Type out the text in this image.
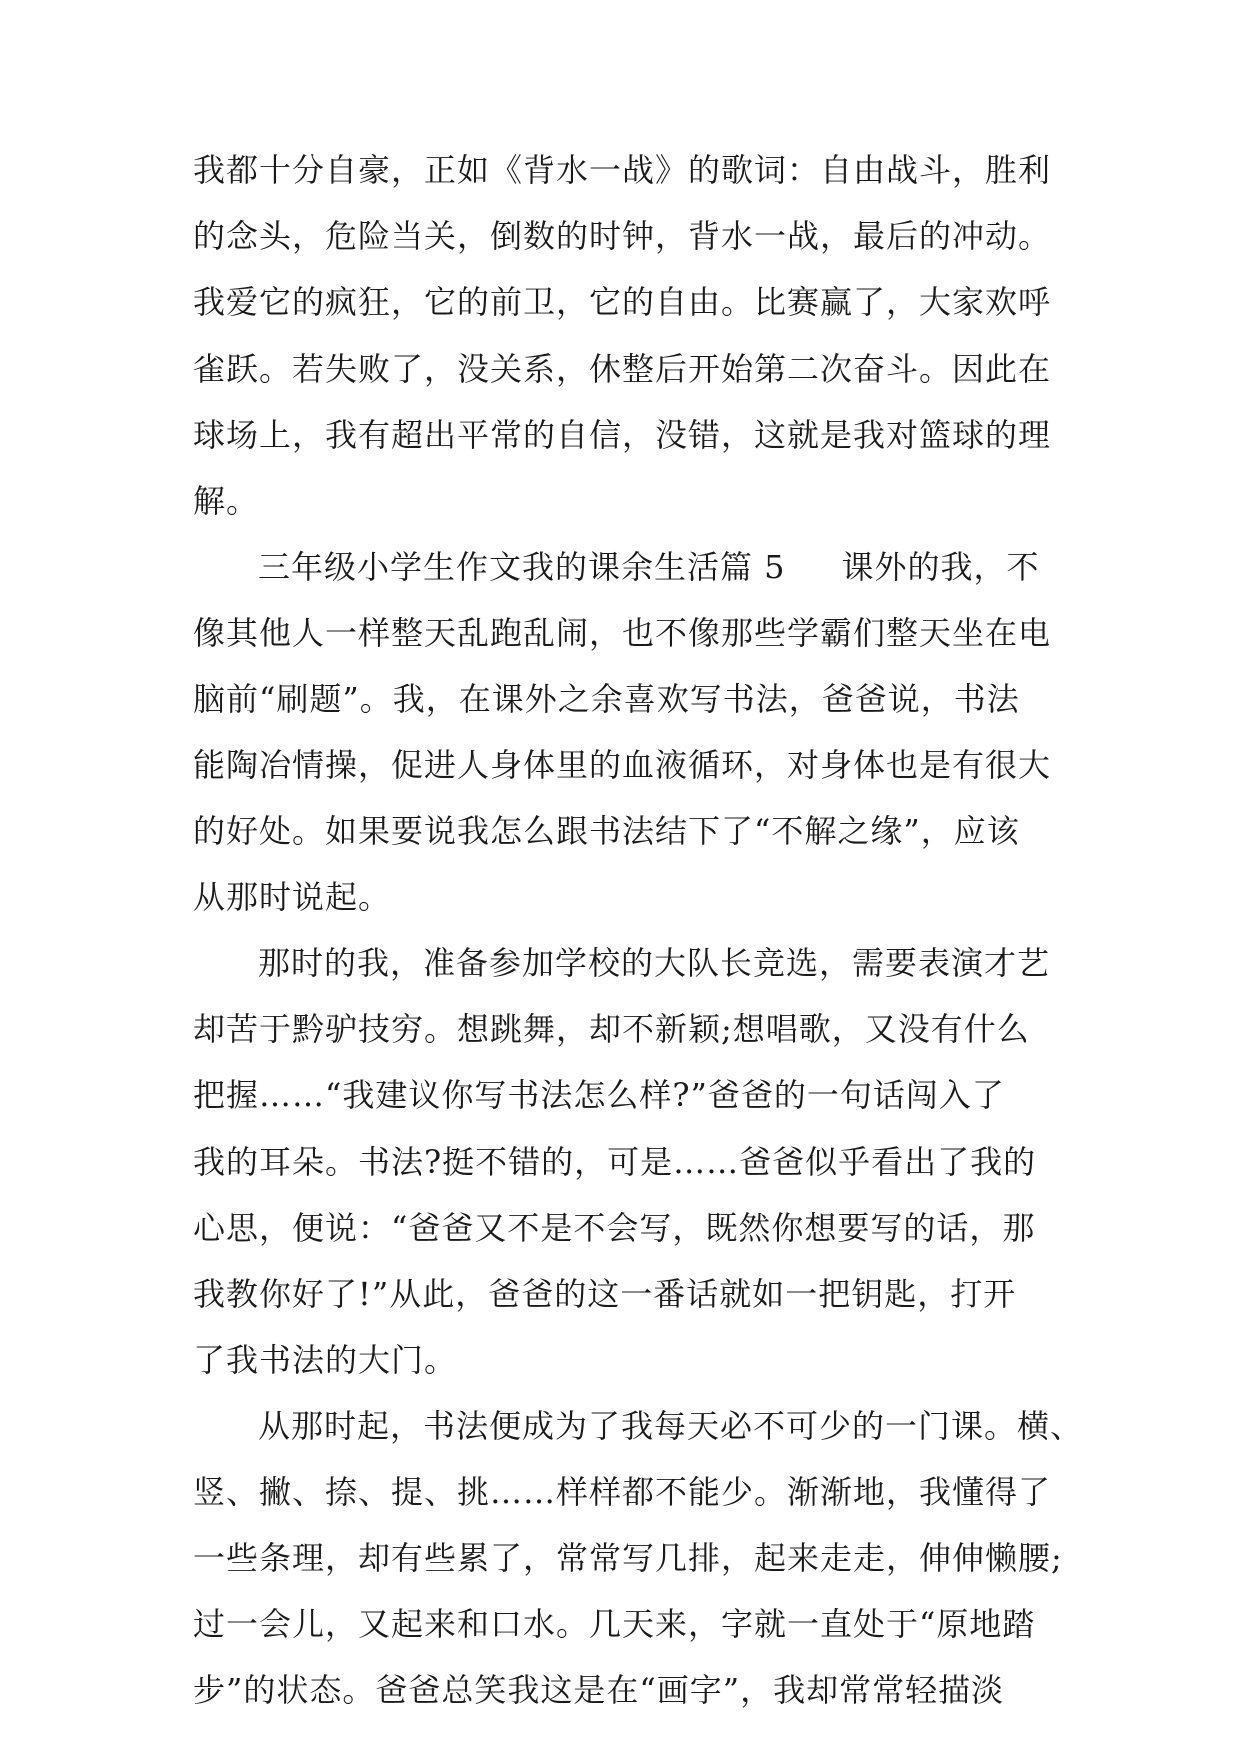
我都十分自豪，正如《背水一战》的歌词：自由战斗，胜利
的念头，危险当关，倒数的时钟，背水一战，最后的冲动。
我爱它的疯狂，它的前卫，它的自由。比赛赢了，大家欢呼
雀跃。若失败了，没关系，休整后开始第二次奋斗。因此在
球场上，我有超出平常的自信，没错，这就是我对篮球的理
解。
三年级小学生作文我的课余生活篇 5 课外的我，不
像其他人一样整天乱跑乱闹，也不像那些学霸们整天坐在电
脑前“刷题”。我，在课外之余喜欢写书法，爸爸说，书法
能陶冶情操，促进人身体里的血液循环，对身体也是有很大
的好处。如果要说我怎么跟书法结下了“不解之缘”，应该
从那时说起。
那时的我，准备参加学校的大队长竞选，需要表演才艺
却苦于黔驴技穷。想跳舞，却不新颖;想唱歌，又没有什么
把握……“我建议你写书法怎么样?”爸爸的一句话闯入了
我的耳朵。书法?挺不错的，可是……爸爸似乎看出了我的
心思，便说：“爸爸又不是不会写，既然你想要写的话，那
我教你好了!”从此，爸爸的这一番话就如一把钥匙，打开
了我书法的大门。
从那时起，书法便成为了我每天必不可少的一门课。横、
竖、撇、捺、提、挑……样样都不能少。渐渐地，我懂得了
一些条理，却有些累了，常常写几排，起来走走，伸伸懒腰;
过一会儿，又起来和口水。几天来，字就一直处于“原地踏
步”的状态。爸爸总笑我这是在“画字”，我却常常轻描淡
